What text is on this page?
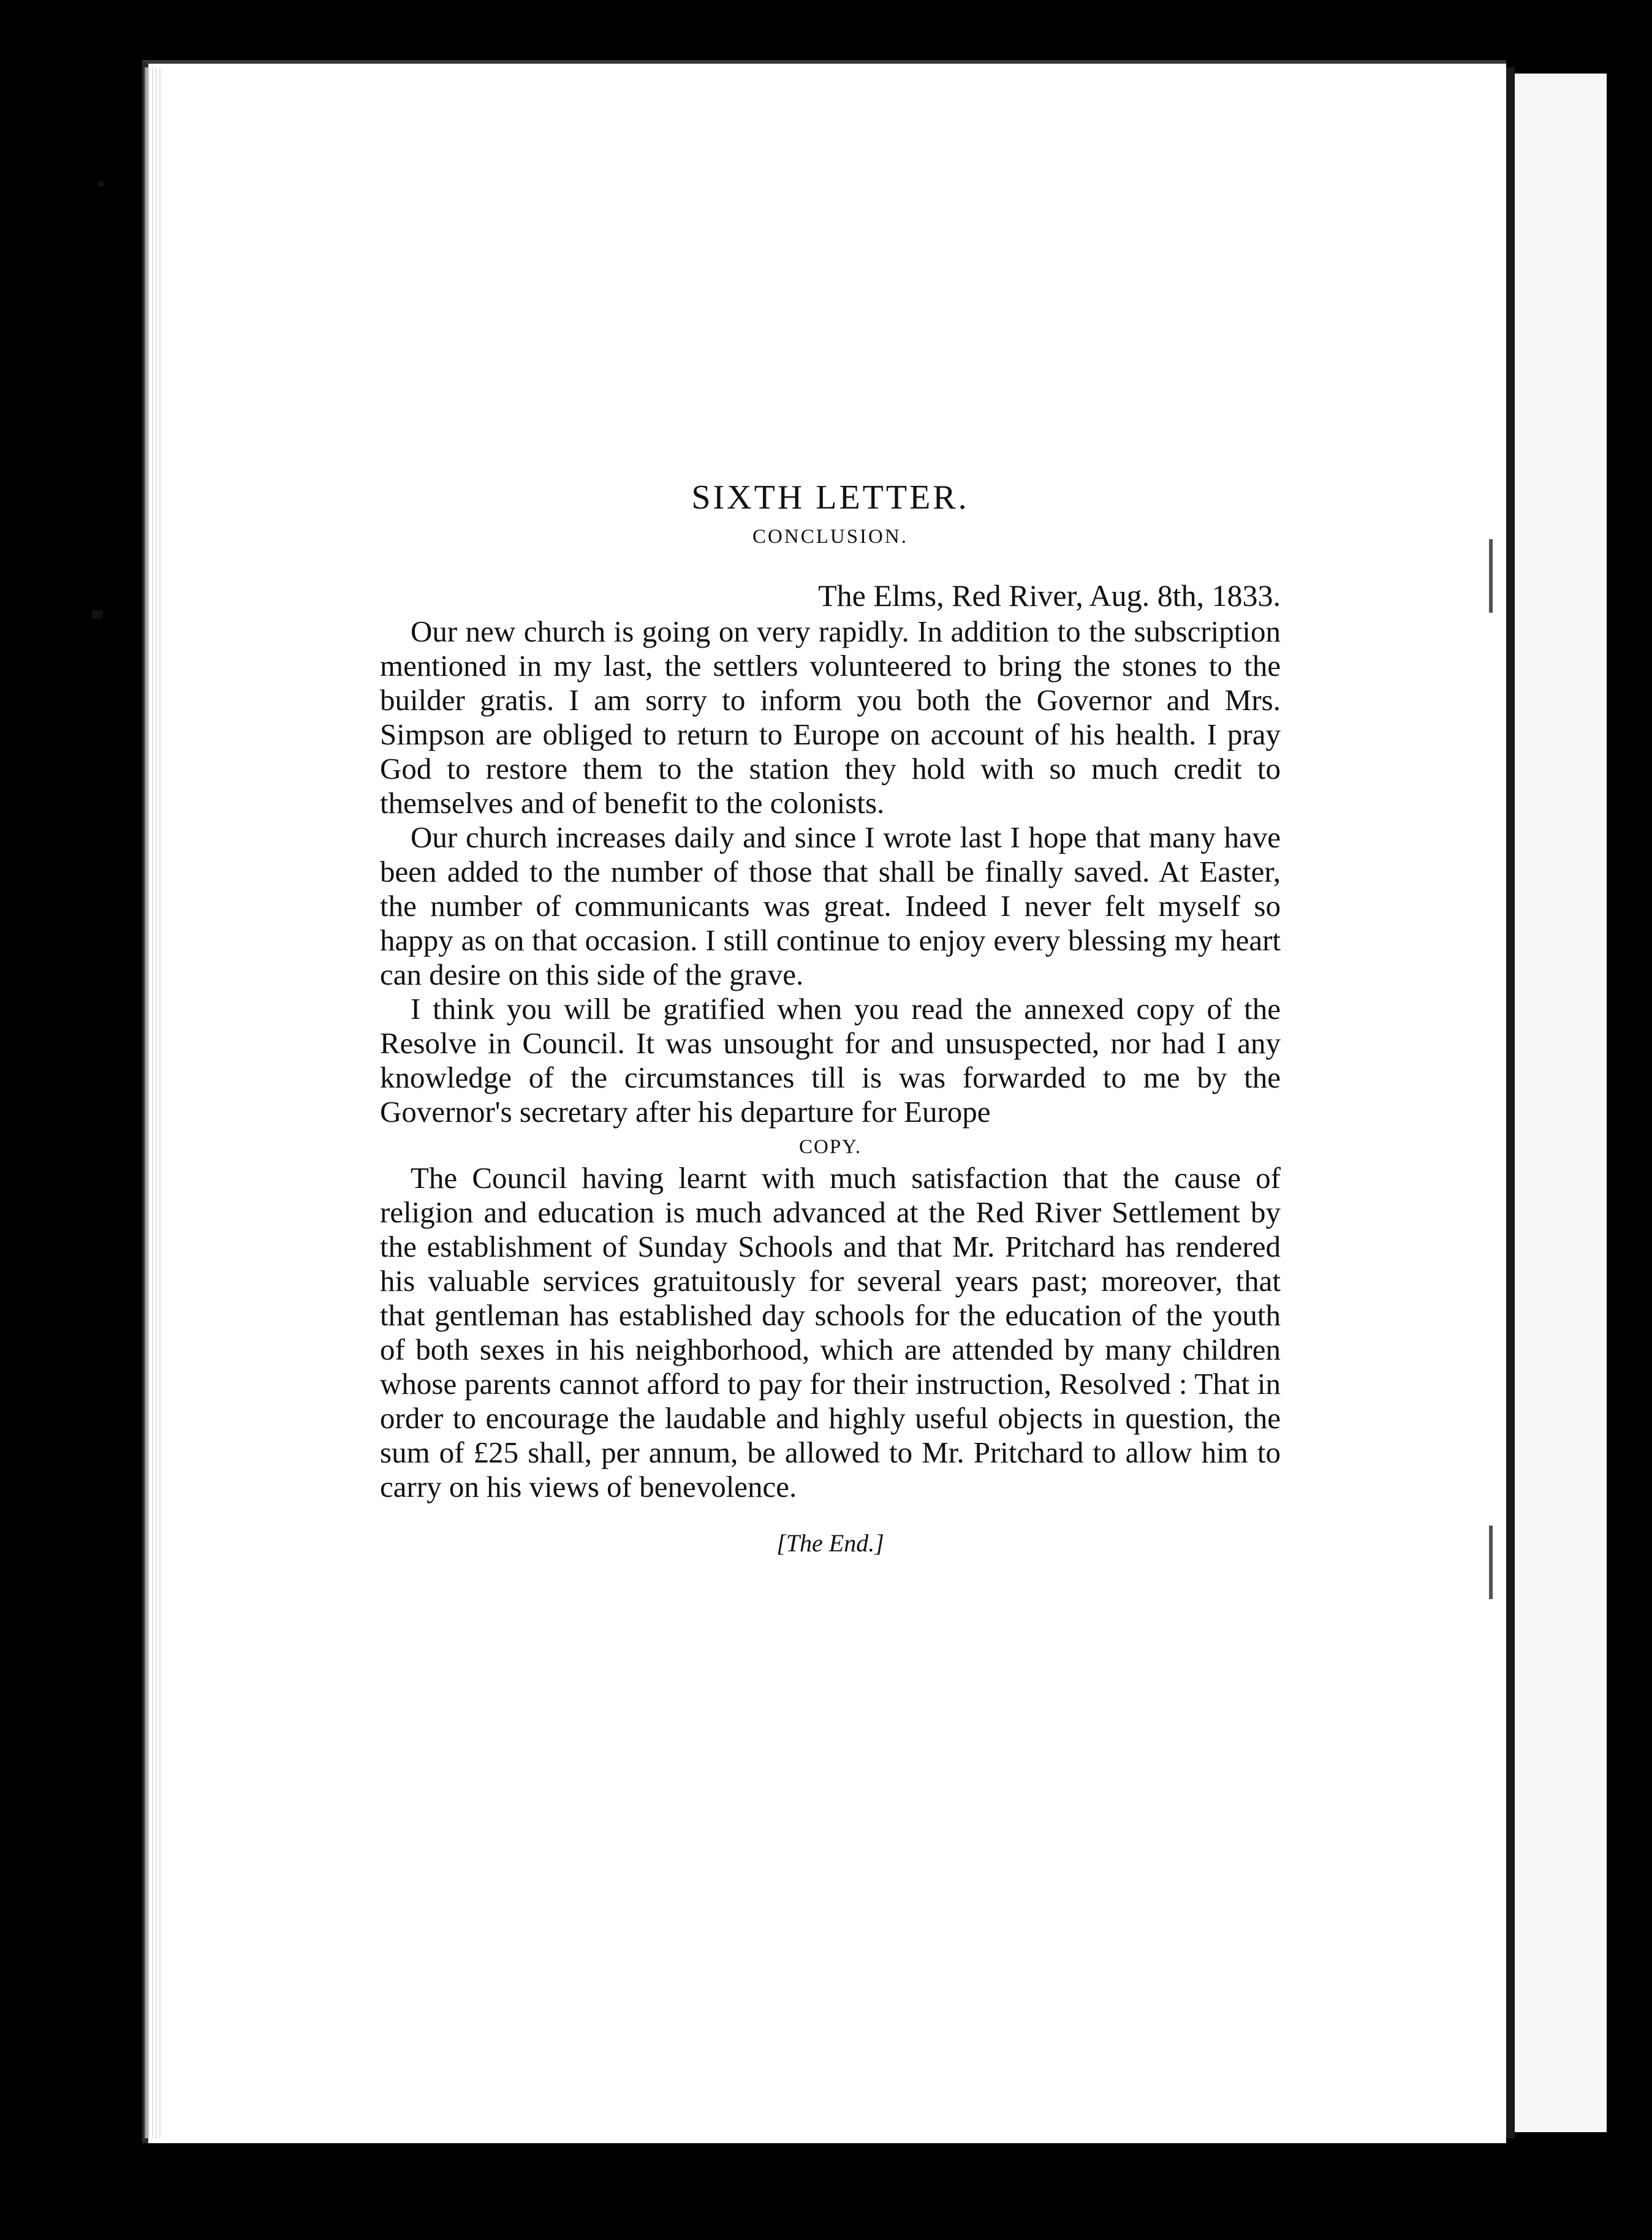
SIXTH LETTER.
CONCLUSION.

The Elms, Red River, Aug. 8th, 1833.

Our new church is going on very rapidly. In addition to the subscription mentioned in my last, the settlers volunteered to bring the stones to the builder gratis. I am sorry to inform you both the Governor and Mrs. Simpson are obliged to return to Europe on account of his health. I pray God to restore them to the station they hold with so much credit to themselves and of benefit to the colonists.

Our church increases daily and since I wrote last I hope that many have been added to the number of those that shall be finally saved. At Easter, the number of communicants was great. Indeed I never felt myself so happy as on that occasion. I still continue to enjoy every blessing my heart can desire on this side of the grave.

I think you will be gratified when you read the annexed copy of the Resolve in Council. It was unsought for and unsuspected, nor had I any knowledge of the circumstances till is was forwarded to me by the Governor's secretary after his departure for Europe

COPY.

The Council having learnt with much satisfaction that the cause of religion and education is much advanced at the Red River Settlement by the establishment of Sunday Schools and that Mr. Pritchard has rendered his valuable services gratuitously for several years past; moreover, that that gentleman has established day schools for the education of the youth of both sexes in his neighborhood, which are attended by many children whose parents cannot afford to pay for their instruction, Resolved : That in order to encourage the laudable and highly useful objects in question, the sum of £25 shall, per annum, be allowed to Mr. Pritchard to allow him to carry on his views of benevolence.

[The End.]
